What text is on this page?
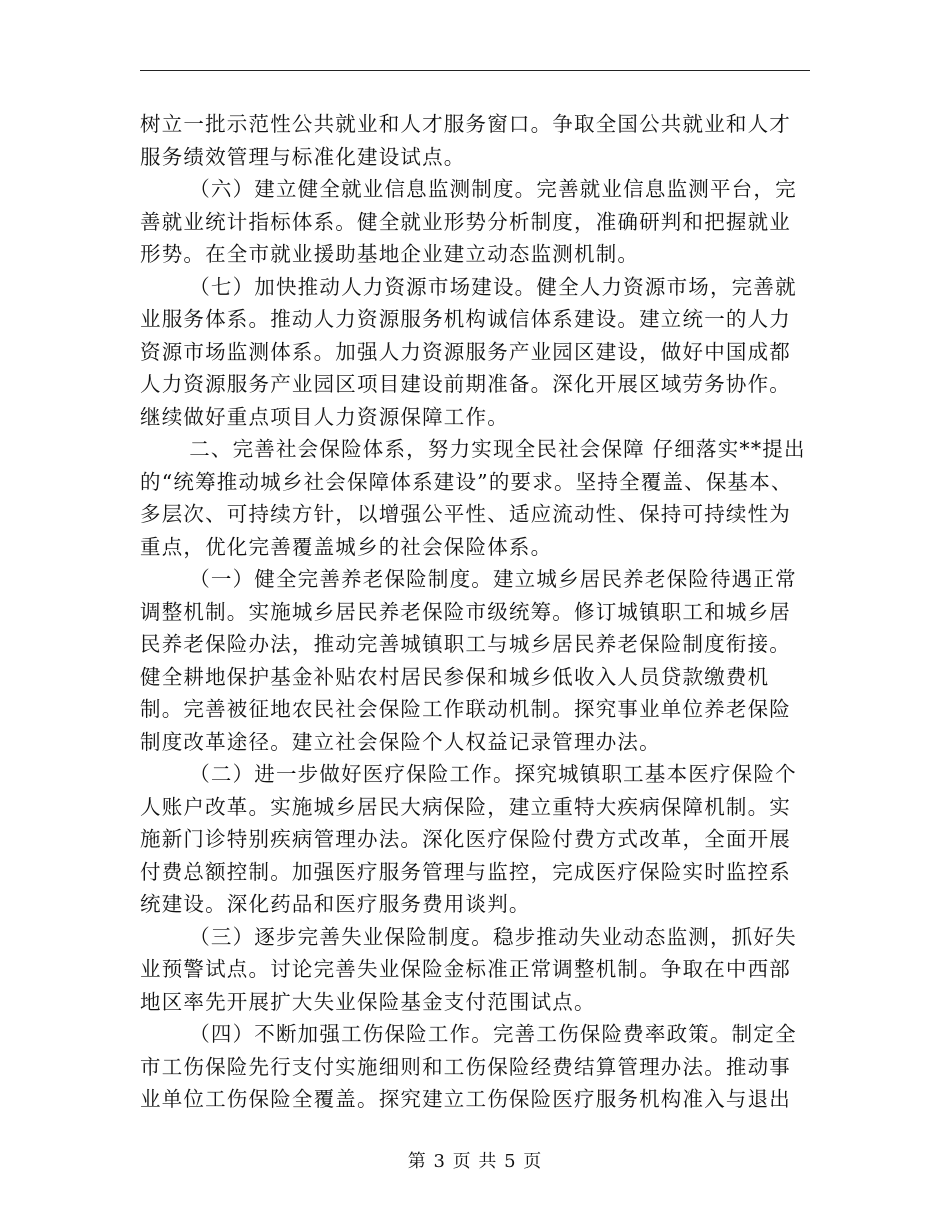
树立一批示范性公共就业和人才服务窗口。争取全国公共就业和人才服务绩效管理与标准化建设试点。

（六）建立健全就业信息监测制度。完善就业信息监测平台，完善就业统计指标体系。健全就业形势分析制度，准确研判和把握就业形势。在全市就业援助基地企业建立动态监测机制。

（七）加快推动人力资源市场建设。健全人力资源市场，完善就业服务体系。推动人力资源服务机构诚信体系建设。建立统一的人力资源市场监测体系。加强人力资源服务产业园区建设，做好中国成都人力资源服务产业园区项目建设前期准备。深化开展区域劳务协作。继续做好重点项目人力资源保障工作。

二、完善社会保险体系，努力实现全民社会保障 仔细落实**提出的“统筹推动城乡社会保障体系建设”的要求。坚持全覆盖、保基本、多层次、可持续方针，以增强公平性、适应流动性、保持可持续性为重点，优化完善覆盖城乡的社会保险体系。

（一）健全完善养老保险制度。建立城乡居民养老保险待遇正常调整机制。实施城乡居民养老保险市级统筹。修订城镇职工和城乡居民养老保险办法，推动完善城镇职工与城乡居民养老保险制度衔接。健全耕地保护基金补贴农村居民参保和城乡低收入人员贷款缴费机制。完善被征地农民社会保险工作联动机制。探究事业单位养老保险制度改革途径。建立社会保险个人权益记录管理办法。

（二）进一步做好医疗保险工作。探究城镇职工基本医疗保险个人账户改革。实施城乡居民大病保险，建立重特大疾病保障机制。实施新门诊特别疾病管理办法。深化医疗保险付费方式改革，全面开展付费总额控制。加强医疗服务管理与监控，完成医疗保险实时监控系统建设。深化药品和医疗服务费用谈判。

（三）逐步完善失业保险制度。稳步推动失业动态监测，抓好失业预警试点。讨论完善失业保险金标准正常调整机制。争取在中西部地区率先开展扩大失业保险基金支付范围试点。

（四）不断加强工伤保险工作。完善工伤保险费率政策。制定全市工伤保险先行支付实施细则和工伤保险经费结算管理办法。推动事业单位工伤保险全覆盖。探究建立工伤保险医疗服务机构准入与退出

第 3 页 共 5 页
